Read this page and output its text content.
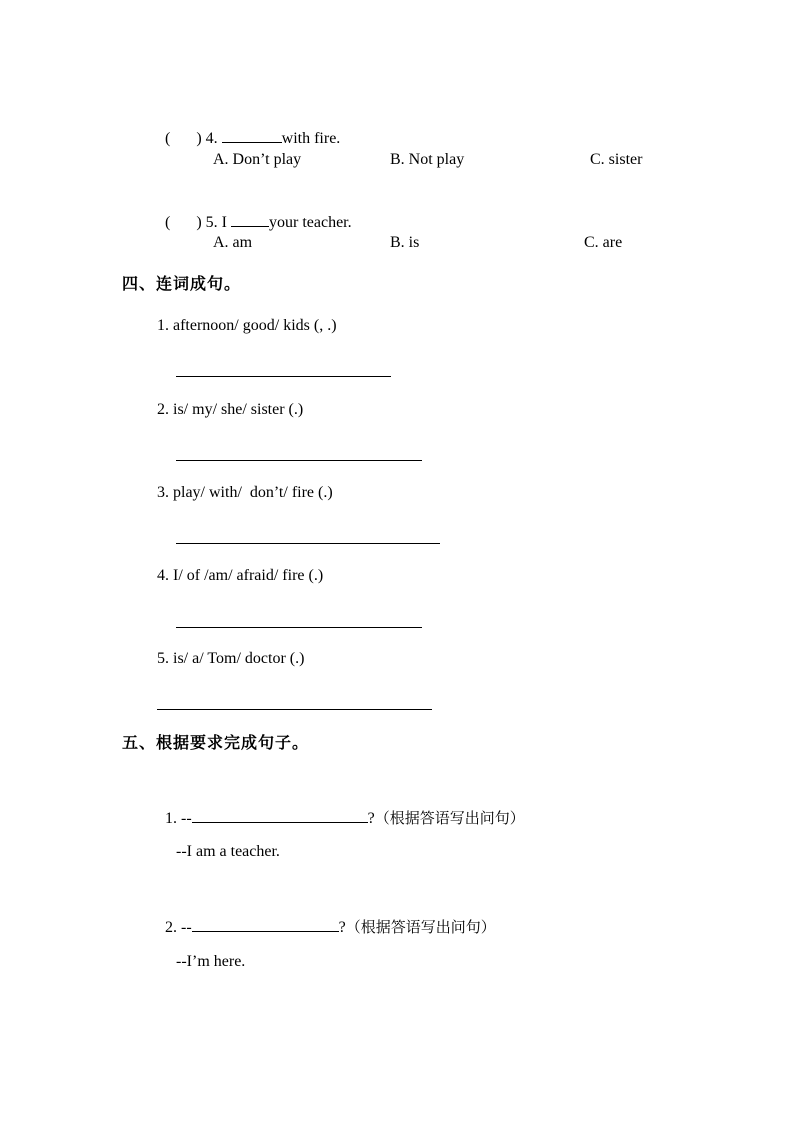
( ) 4.	with fire.

A. Don’t play	B. Not play	C. sister

( ) 5. I	your teacher.

A. am	B. is	C. are
四、连词成句。
1. afternoon/ good/ kids (, .)
2. is/ my/ she/ sister (.)
3. play/ with/  don’t/ fire (.)
4. I/ of /am/ afraid/ fire (.)
5. is/ a/ Tom/ doctor (.)
五、根据要求完成句子。

1. --	?（根据答语写出问句）

--I am a teacher.

2. --	?（根据答语写出问句）

--I’m here.
